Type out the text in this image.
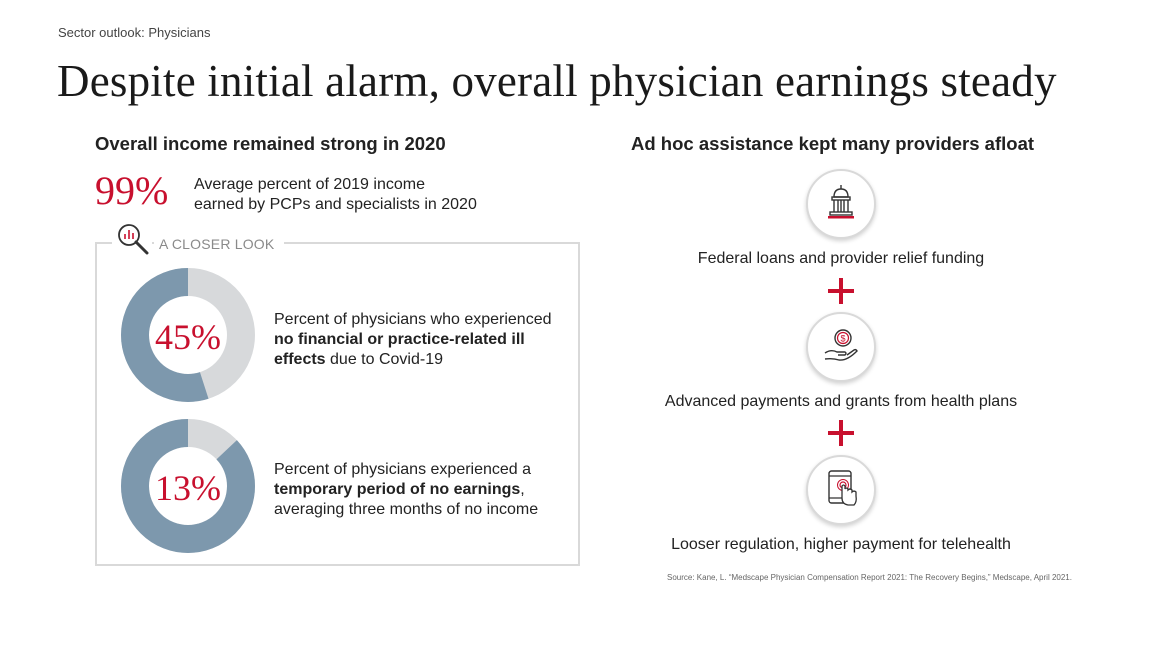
Sector outlook: Physicians
Despite initial alarm, overall physician earnings steady
Overall income remained strong in 2020
99% Average percent of 2019 income
earned by PCPs and specialists in 2020
A CLOSER LOOK
45%	Percent of physicians who experienced no financial or practice-related ill effects due to Covid-19
13%	Percent of physicians experienced a temporary period of no earnings, averaging three months of no income
Ad hoc assistance kept many providers afloat
Federal loans and provider relief funding
$
Advanced payments and grants from health plans
Looser regulation, higher payment for telehealth
Source: Kane, L. “Medscape Physician Compensation Report 2021: The Recovery Begins,” Medscape, April 2021.
